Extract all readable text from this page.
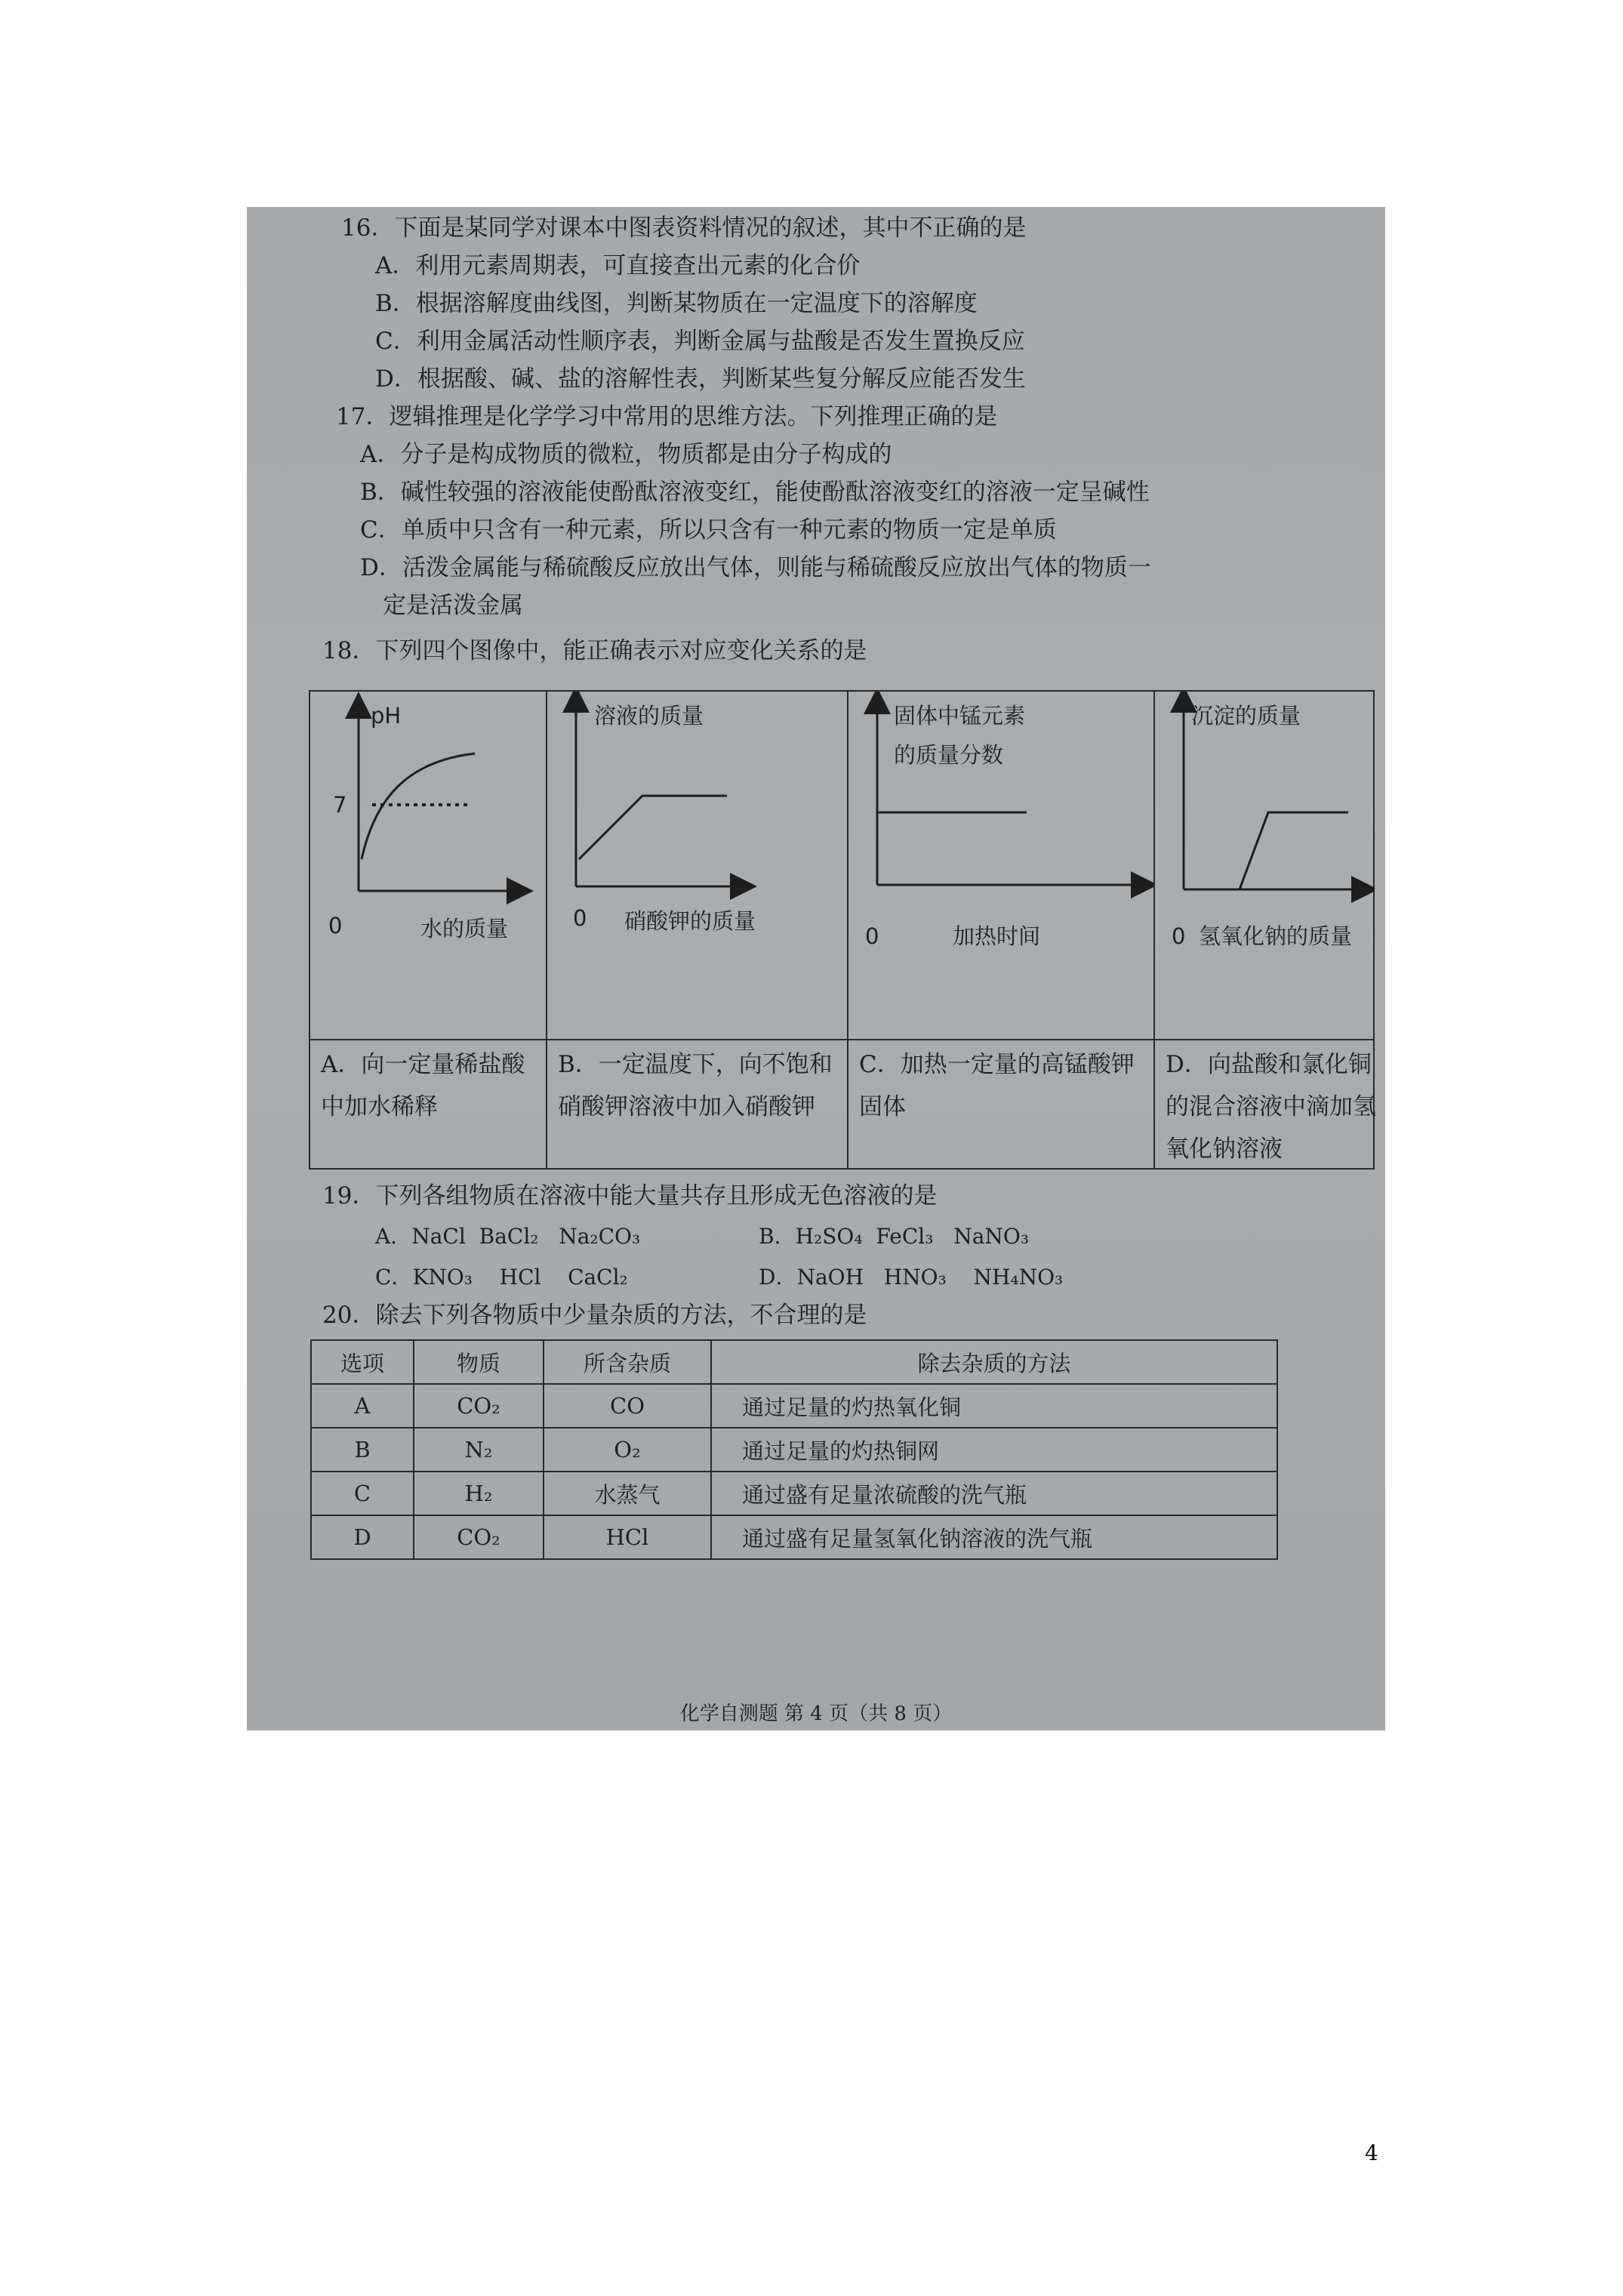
16．下面是某同学对课本中图表资料情况的叙述，其中不正确的是
A．利用元素周期表，可直接查出元素的化合价
B．根据溶解度曲线图，判断某物质在一定温度下的溶解度
C．利用金属活动性顺序表，判断金属与盐酸是否发生置换反应
D．根据酸、碱、盐的溶解性表，判断某些复分解反应能否发生
17．逻辑推理是化学学习中常用的思维方法。下列推理正确的是
A．分子是构成物质的微粒，物质都是由分子构成的
B．碱性较强的溶液能使酚酞溶液变红，能使酚酞溶液变红的溶液一定呈碱性
C．单质中只含有一种元素，所以只含有一种元素的物质一定是单质
D．活泼金属能与稀硫酸反应放出气体，则能与稀硫酸反应放出气体的物质一
定是活泼金属
18．下列四个图像中，能正确表示对应变化关系的是
pH
7
0	水的质量
溶液的质量
0 硝酸钾的质量
固体中锰元素
的质量分数
0	加热时间
沉淀的质量
0 氢氧化钠的质量
A．向一定量稀盐酸中加水稀释
B．一定温度下，向不饱和硝酸钾溶液中加入硝酸钾
C．加热一定量的高锰酸钾固体
D．向盐酸和氯化铜的混合溶液中滴加氢氧化钠溶液
19．下列各组物质在溶液中能大量共存且形成无色溶液的是
A．NaCl BaCl₂ Na₂CO₃	B．H₂SO₄ FeCl₃ NaNO₃
C．KNO₃ HCl CaCl₂	D．NaOH HNO₃ NH₄NO₃
20．除去下列各物质中少量杂质的方法，不合理的是
选项	物质	所含杂质	除去杂质的方法
A	CO₂	CO	通过足量的灼热氧化铜
B	N₂	O₂	通过足量的灼热铜网
C	H₂	水蒸气	通过盛有足量浓硫酸的洗气瓶
D	CO₂	HCl	通过盛有足量氢氧化钠溶液的洗气瓶
化学自测题 第 4 页（共 8 页）
4
